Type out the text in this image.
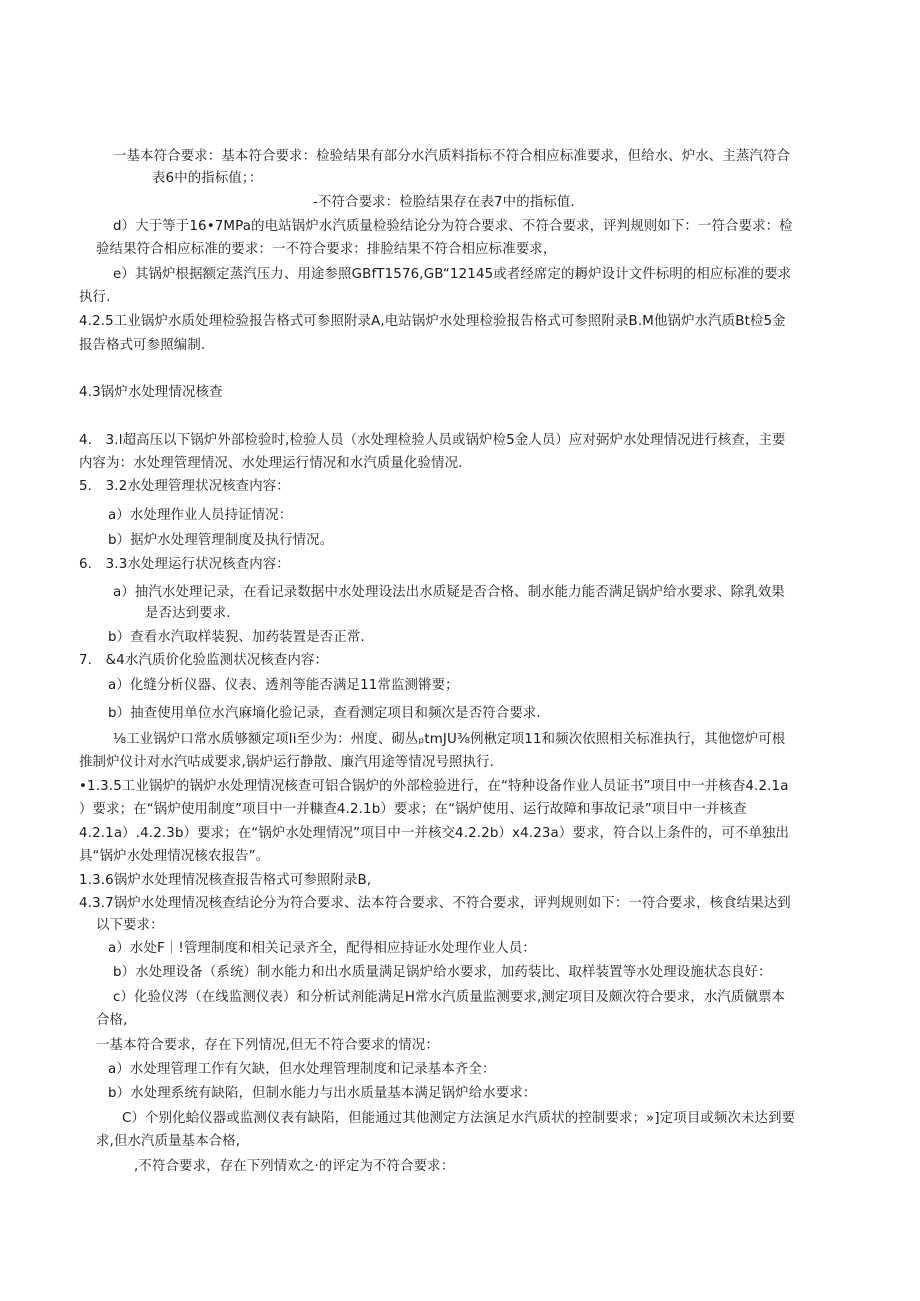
一基本符合要求：基本符合要求：检验结果有部分水汽质料指标不符合相应标准要求，但给水、炉水、主蒸汽符合
表6中的指标值；：
-不符合要求：检脸结果存在表7中的指标值.
d）大于等于16•7MPa的电站锅炉水汽质量检验结论分为符合要求、不符合要求，评判规则如下：一符合要求：检
验结果符合相应标准的要求：一不符合要求：排脸结果不符合相应标准要求，
e）其锅炉根据额定蒸汽压力、用途参照GBfT1576,GB“12145或者经席定的耨炉设计文件标明的相应标准的要求
执行.
4.2.5工业锅炉水质处理检验报告格式可参照附录A,电站锅炉水处理检验报告格式可参照附录B.M他锅炉水汽质Bt检5金
报告格式可参照编制.
4.3锅炉水处理情况核查
4.　3.l超高压以下锅炉外部检验时,检验人员（水处理检验人员或锅炉检5金人员）应对弼炉水处理情况进行核查，主要
内容为：水处理管理情况、水处理运行情况和水汽质量化验情况.
5.　3.2水处理管理状况核查内容：
a）水处理作业人员持证情况：
b）据炉水处理管理制度及执行情况。
6.　3.3水处理运行状况核查内容：
a）抽汽水处理记录，在看记录数据中水处理设法出水质疑是否合格、制水能力能否满足锅炉给水要求、除乳效果
是否达到要求.
b）查看水汽取样装猊、加药装置是否正常.
7.　&4水汽质价化验监测状况核查内容：
a）化缝分析仪器、仪表、透剂等能否满足11常监测锵要；
b）抽查使用单位水汽麻墒化验记录，查看测定项目和频次是否符合要求.
⅛工业锅炉口常水质够额定项Ii至少为：州度、砌丛ₚtmJU⅜例楸定项11和频次依照相关标准执行，其他惚炉可根
推制炉仪计对水汽咕成要求,锅炉运行静散、廉汽用途等情况号照执行.
•1.3.5工业锅炉的锅炉水处理情况核查可铝合锅炉的外部检验进行，在“特种设备作业人员证书”项目中一并核杳4.2.1a
）要求；在“锅炉使用制度”项目中一并糠查4.2.1b）要求；在“锅炉使用、运行故障和事故记录”项目中一并核查
4.2.1a）.4.2.3b）要求；在“锅炉水处理情况”项目中一并核交4.2.2b）x4.23a）要求，符合以上条件的，可不单独出
具“锅炉水处理情况核农报告”。
1.3.6锅炉水处理情况核查报告格式可参照附录B,
4.3.7锅炉水处理情况核查结论分为符合要求、法本符合要求、不符合要求，评判规则如下：一符合要求，核食结果达到
以下要求：
a）水处F｜!管理制度和相关记录齐全，配得相应持证水处理作业人员：
b）水处理设备（系统）制水能力和出水质量满足锅炉给水要求，加药装比、取样装置等水处理设施状态良好：
c）化验仪涔（在线监测仪表）和分析试剂能满足H常水汽质量监测要求,测定项目及颇次符合要求，水汽质僦票本
合格,
一基本符合要求，存在下列情况,但无不符合要求的情况：
a）水处理管理工作有欠缺，但水处理管理制度和记录基本齐全：
b）水处理系统有缺陷，但制水能力与出水质量基本满足锅炉给水要求：
C）个别化蛤仪器或监测仪表有缺陷，但能通过其他测定方法演足水汽质状的控制要求；»]定项目或频次未达到要
求,但水汽质量基本合格,
,不符合要求，存在下列情欢之·的评定为不符合要求：
